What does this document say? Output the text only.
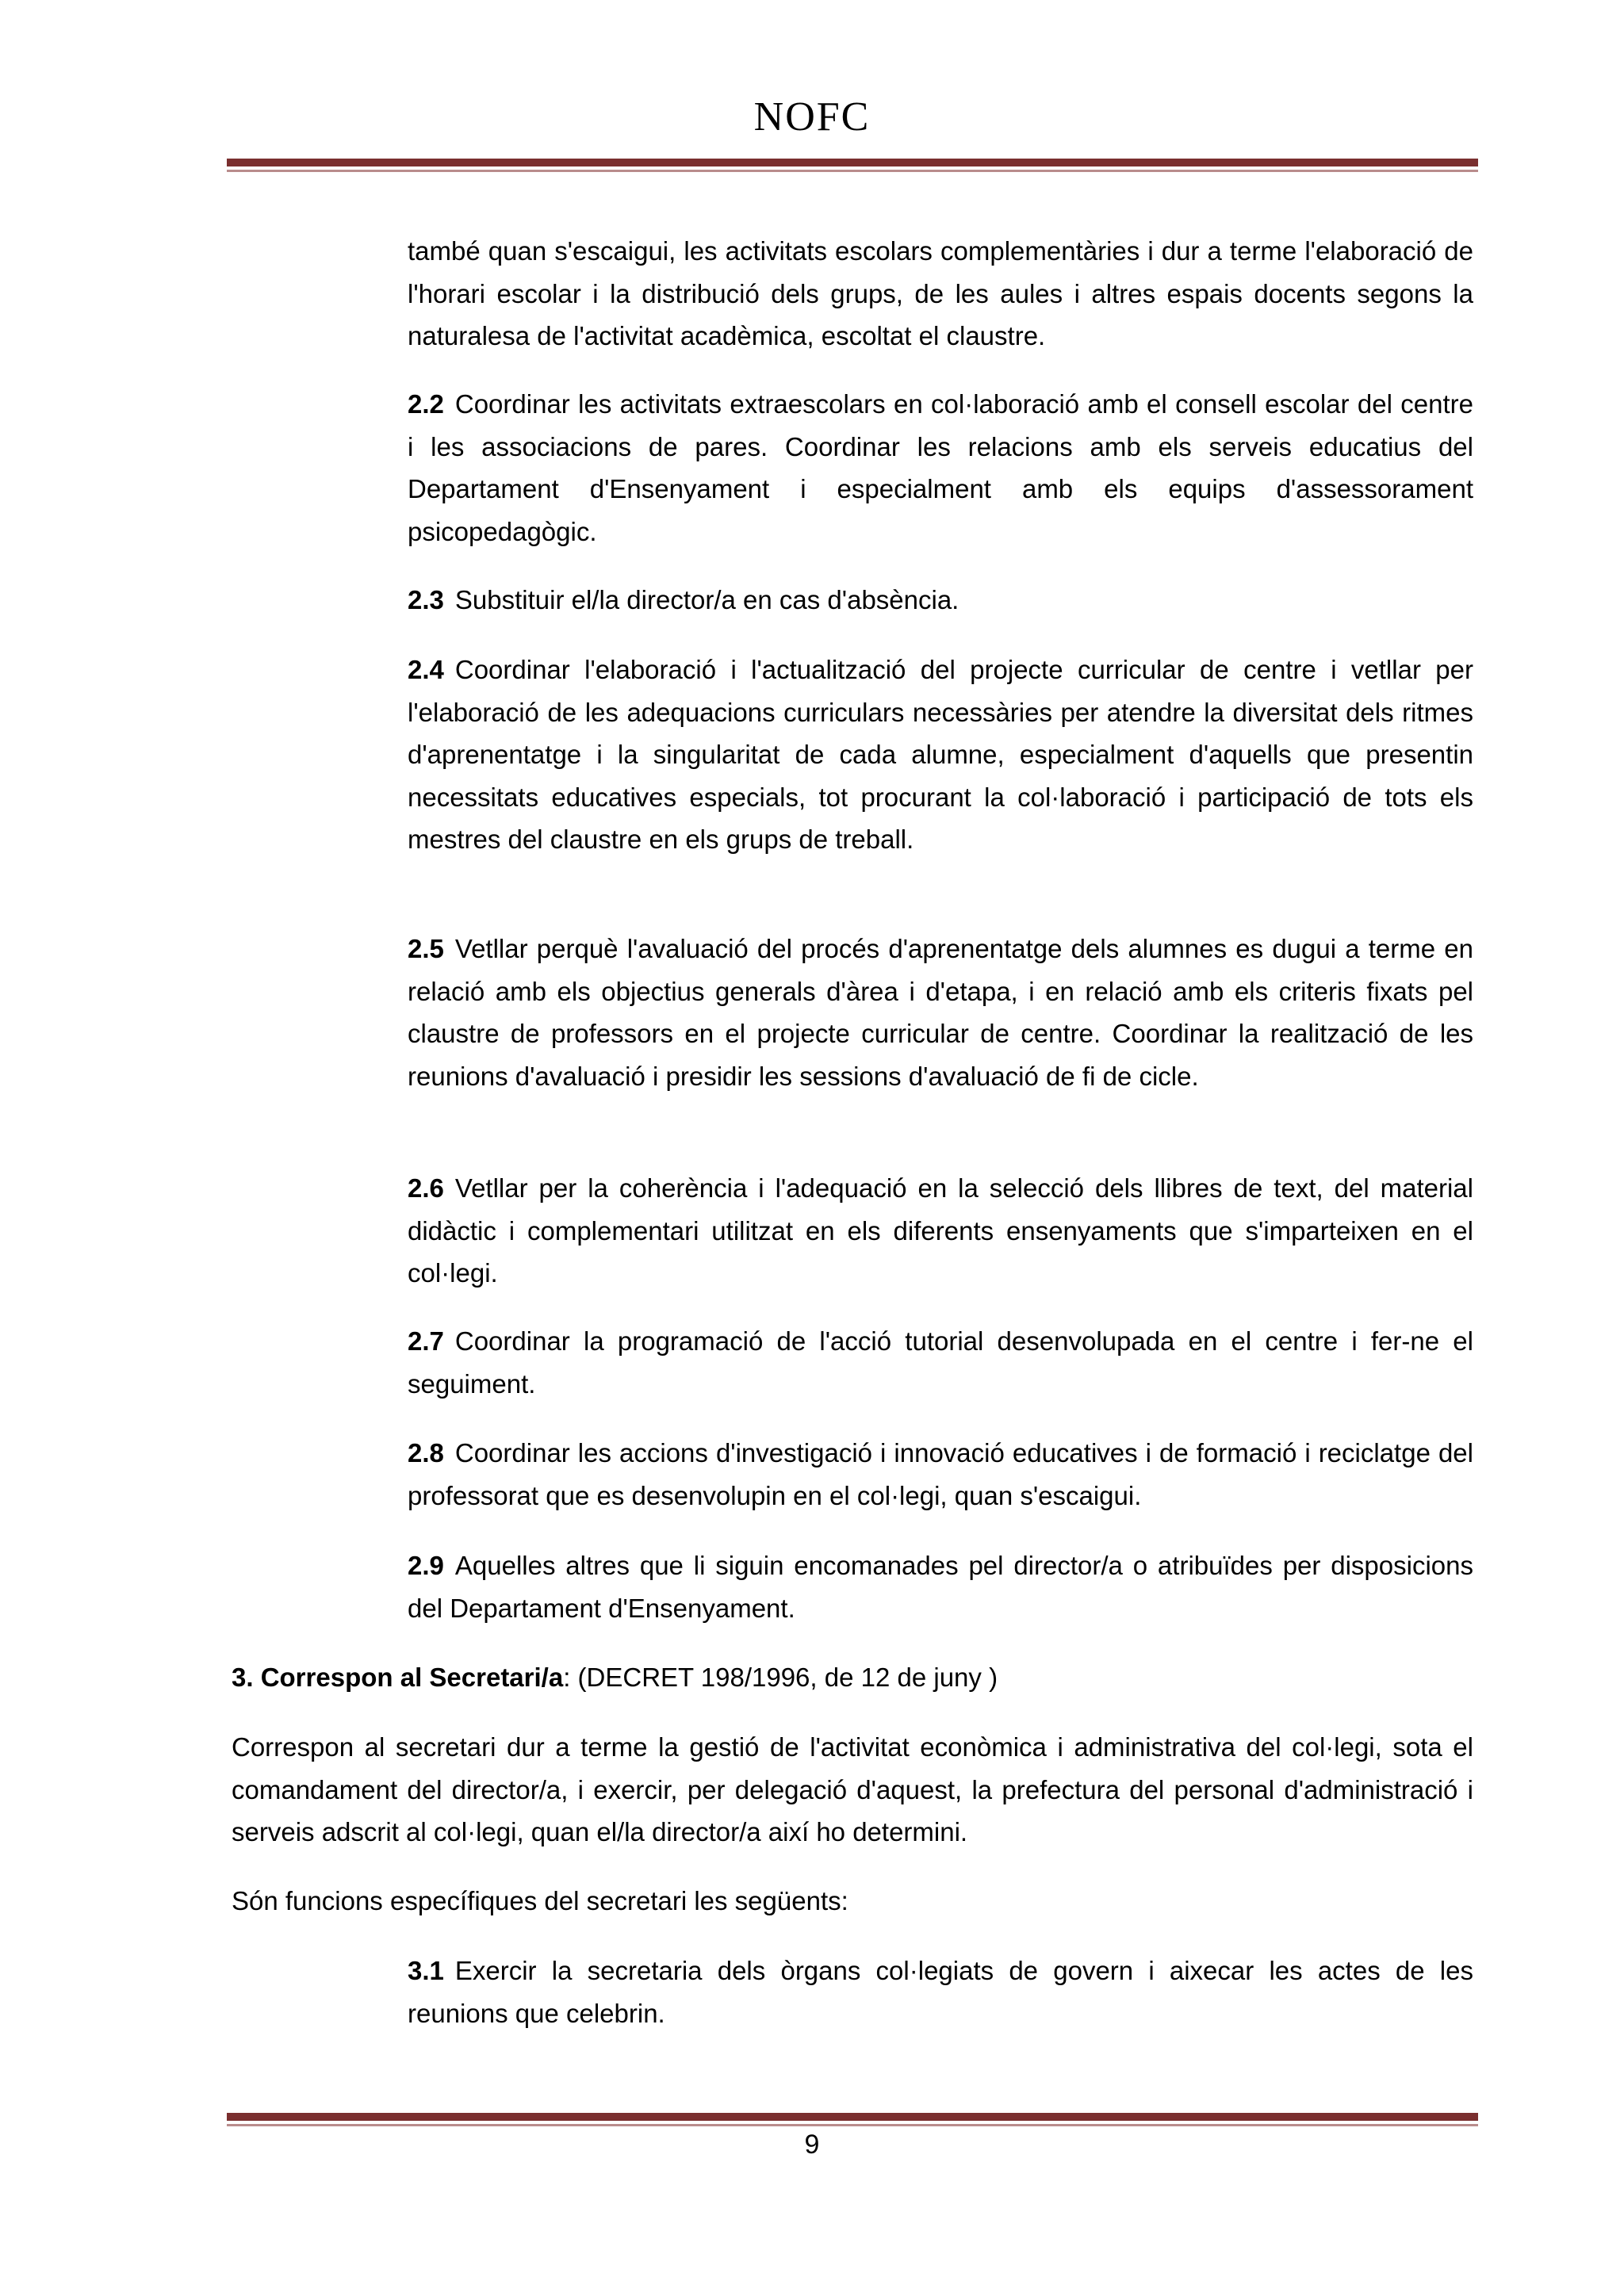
NOFC
també quan s'escaigui, les activitats escolars complementàries i dur a terme l'elaboració de l'horari escolar i la distribució dels grups, de les aules i altres espais docents segons la naturalesa de l'activitat acadèmica, escoltat el claustre.
2.2 Coordinar les activitats extraescolars en col·laboració amb el consell escolar del centre i les associacions de pares. Coordinar les relacions amb els serveis educatius del Departament d'Ensenyament i especialment amb els equips d'assessorament psicopedagògic.
2.3 Substituir el/la director/a en cas d'absència.
2.4 Coordinar l'elaboració i l'actualització del projecte curricular de centre i vetllar per l'elaboració de les adequacions curriculars necessàries per atendre la diversitat dels ritmes d'aprenentatge i la singularitat de cada alumne, especialment d'aquells que presentin necessitats educatives especials, tot procurant la col·laboració i participació de tots els mestres del claustre en els grups de treball.
2.5 Vetllar perquè l'avaluació del procés d'aprenentatge dels alumnes es dugui a terme en relació amb els objectius generals d'àrea i d'etapa, i en relació amb els criteris fixats pel claustre de professors en el projecte curricular de centre. Coordinar la realització de les reunions d'avaluació i presidir les sessions d'avaluació de fi de cicle.
2.6 Vetllar per la coherència i l'adequació en la selecció dels llibres de text, del material didàctic i complementari utilitzat en els diferents ensenyaments que s'imparteixen en el col·legi.
2.7 Coordinar la programació de l'acció tutorial desenvolupada en el centre i fer-ne el seguiment.
2.8 Coordinar les accions d'investigació i innovació educatives i de formació i reciclatge del professorat que es desenvolupin en el col·legi, quan s'escaigui.
2.9 Aquelles altres que li siguin encomanades pel director/a o atribuïdes per disposicions del Departament d'Ensenyament.
3. Correspon al Secretari/a: (DECRET 198/1996, de 12 de juny )
Correspon al secretari dur a terme la gestió de l'activitat econòmica i administrativa del col·legi, sota el comandament del director/a, i exercir, per delegació d'aquest, la prefectura del personal d'administració i serveis adscrit al col·legi, quan el/la director/a així ho determini.
Són funcions específiques del secretari les següents:
3.1 Exercir la secretaria dels òrgans col·legiats de govern i aixecar les actes de les reunions que celebrin.
9
